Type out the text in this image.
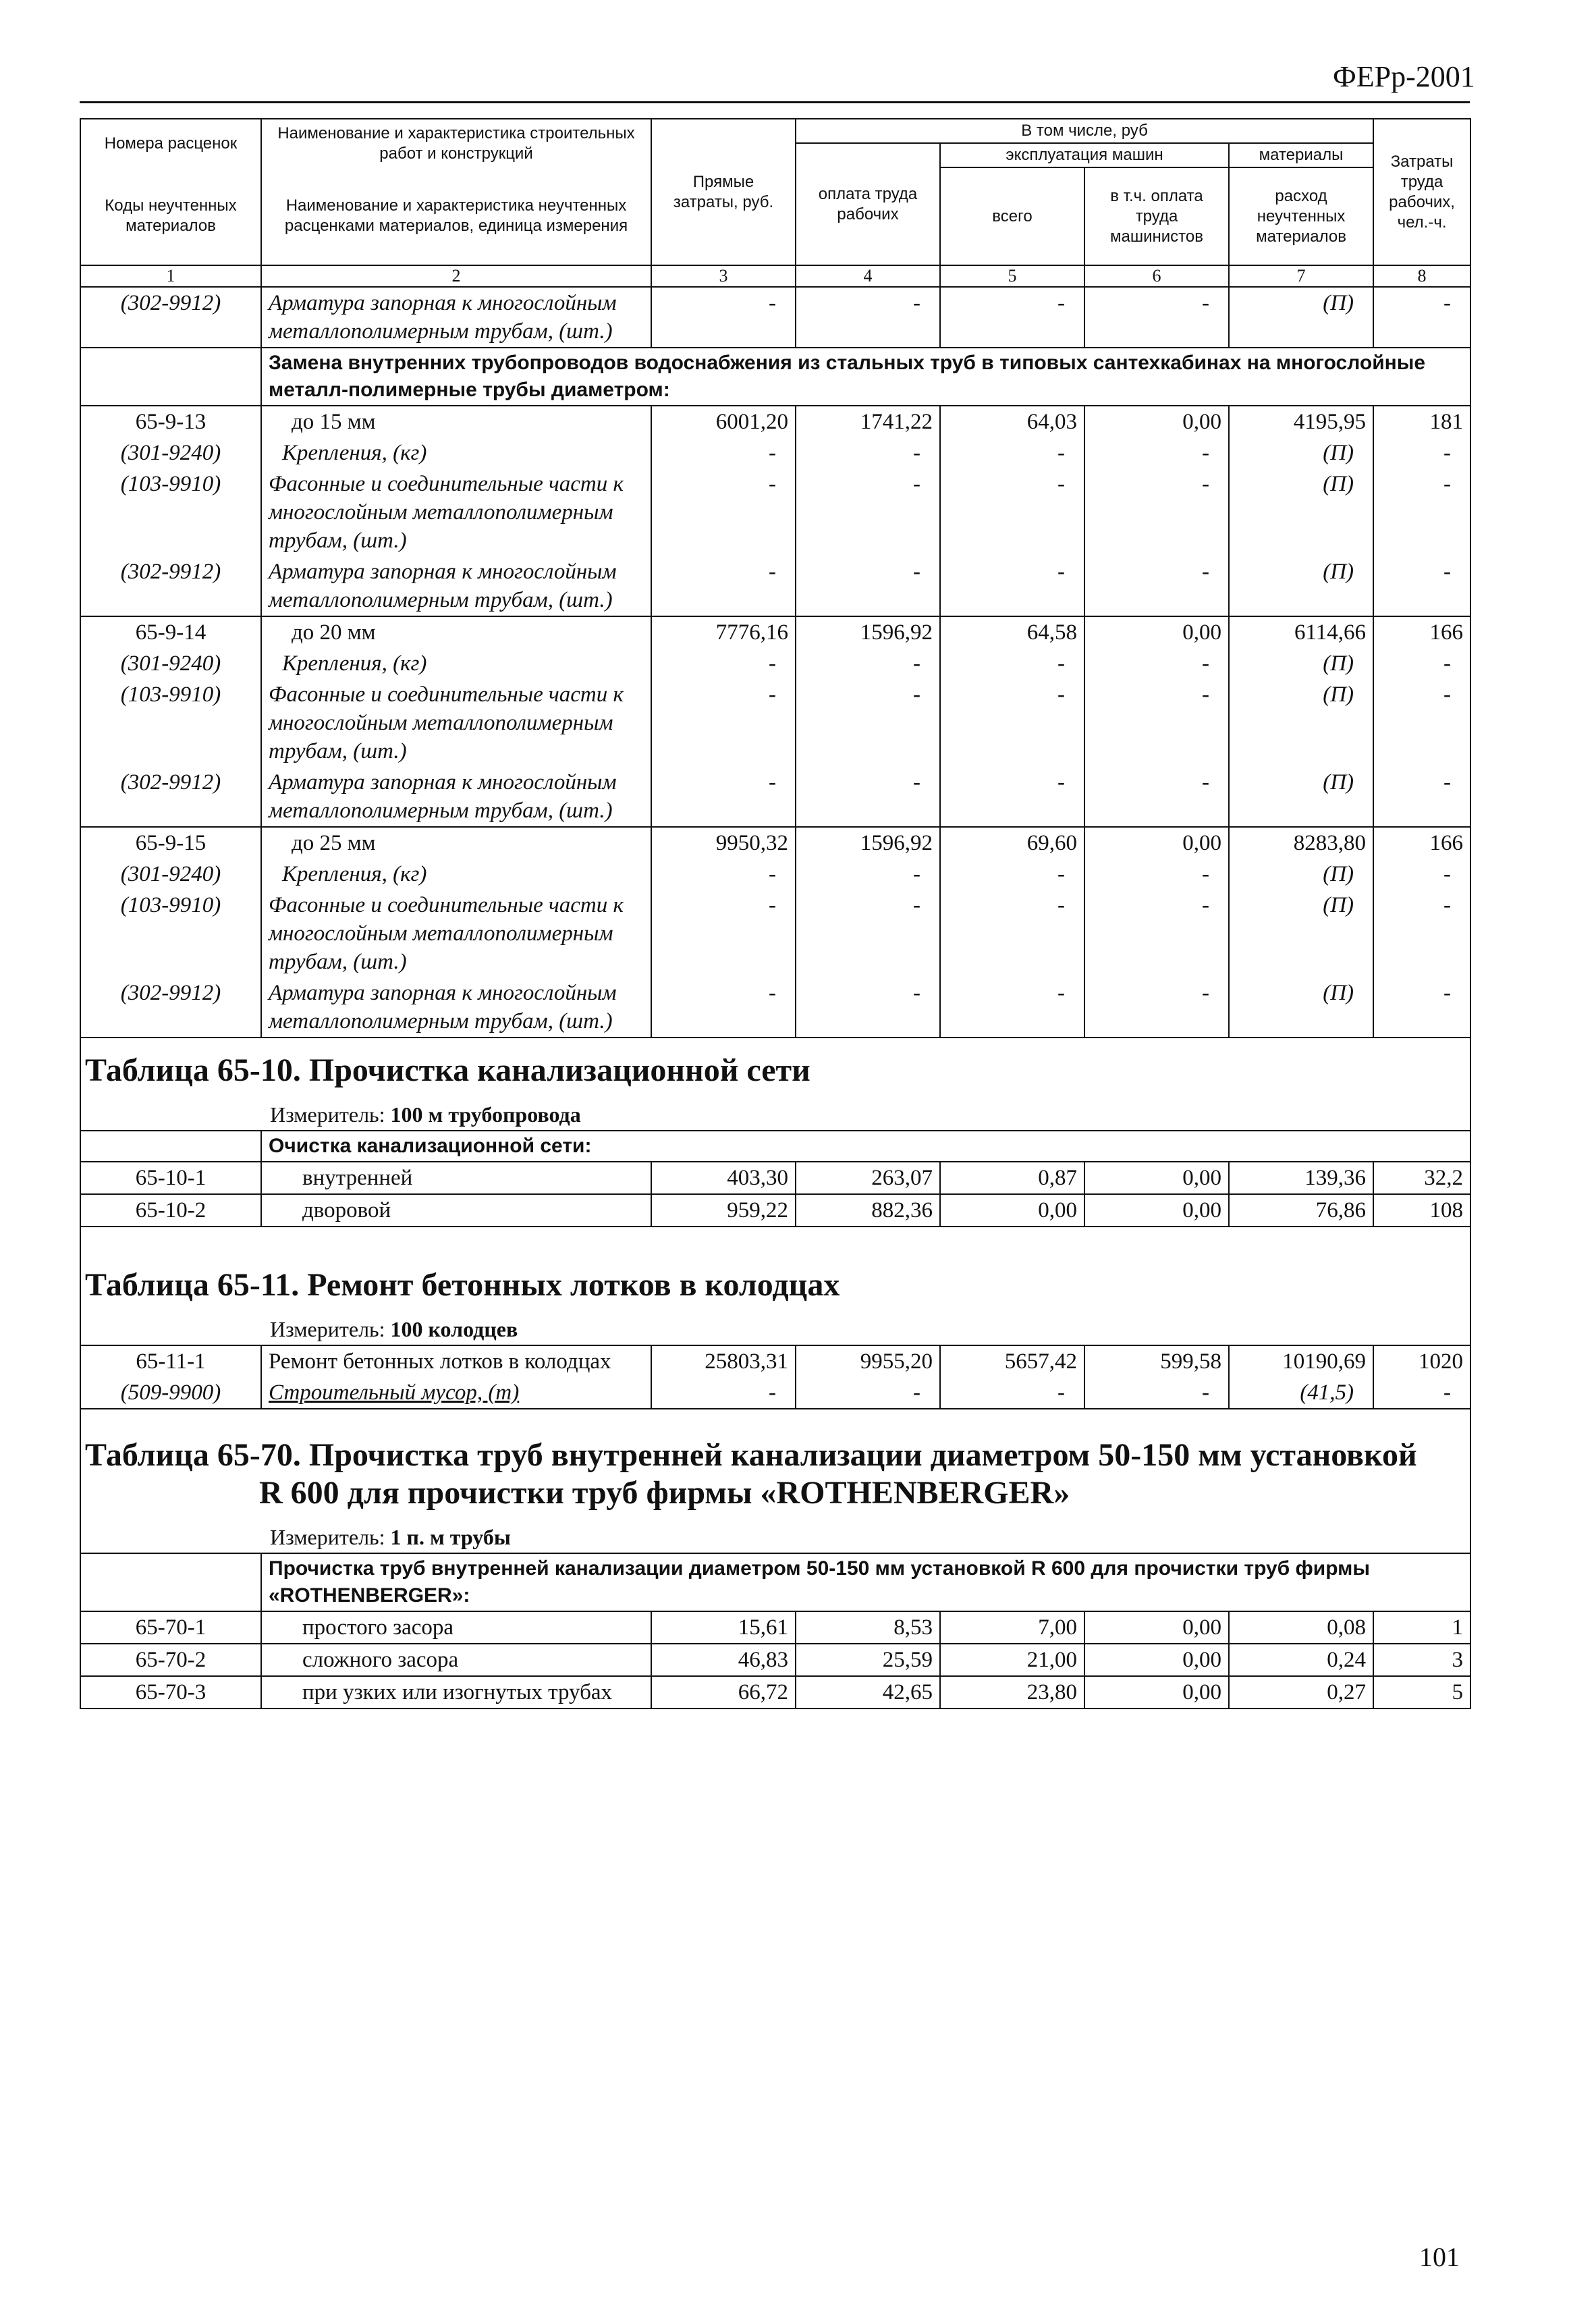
ФЕРр-2001
Номера расценок	Наименование и характеристика строительных работ и конструкций	Прямые затраты, руб.	В том числе, руб				Затраты труда рабочих, чел.-ч.
			оплата труда рабочих	эксплуатация машин		материалы	
Коды неучтенных материалов	Наименование и характеристика неучтенных расценками материалов, единица измерения			всего	в т.ч. оплата труда машинистов	расход неучтенных материалов	

1	2	3	4	5	6	7	8
(302-9912)	Арматура запорная к многослойным металлополимерным трубам, (шт.)	-	-	-	-	(П)	-
	Замена внутренних трубопроводов водоснабжения из стальных труб в типовых сантехкабинах на многослойные металл-полимерные трубы диаметром:						
65-9-13	до 15 мм	6001,20	1741,22	64,03	0,00	4195,95	181
(301-9240)	Крепления, (кг)	-	-	-	-	(П)	-
(103-9910)	Фасонные и соединительные части к многослойным металлополимерным трубам, (шт.)	-	-	-	-	(П)	-
(302-9912)	Арматура запорная к многослойным металлополимерным трубам, (шт.)	-	-	-	-	(П)	-
65-9-14	до 20 мм	7776,16	1596,92	64,58	0,00	6114,66	166
(301-9240)	Крепления, (кг)	-	-	-	-	(П)	-
(103-9910)	Фасонные и соединительные части к многослойным металлополимерным трубам, (шт.)	-	-	-	-	(П)	-
(302-9912)	Арматура запорная к многослойным металлополимерным трубам, (шт.)	-	-	-	-	(П)	-
65-9-15	до 25 мм	9950,32	1596,92	69,60	0,00	8283,80	166
(301-9240)	Крепления, (кг)	-	-	-	-	(П)	-
(103-9910)	Фасонные и соединительные части к многослойным металлополимерным трубам, (шт.)	-	-	-	-	(П)	-
(302-9912)	Арматура запорная к многослойным металлополимерным трубам, (шт.)	-	-	-	-	(П)	-
Таблица 65-10. Прочистка канализационной сети							
Измеритель: 100 м трубопровода							
	Очистка канализационной сети:						
65-10-1	внутренней	403,30	263,07	0,87	0,00	139,36	32,2
65-10-2	дворовой	959,22	882,36	0,00	0,00	76,86	108
Таблица 65-11. Ремонт бетонных лотков в колодцах							
Измеритель: 100 колодцев							
65-11-1	Ремонт бетонных лотков в колодцах	25803,31	9955,20	5657,42	599,58	10190,69	1020
(509-9900)	Строительный мусор, (т)	-	-	-	-	(41,5)	-

Таблица 65-70. Прочистка труб внутренней канализации диаметром 50-150 мм установкой
R 600 для прочистки труб фирмы «ROTHENBERGER»							

Измеритель: 1 п. м трубы							
	Прочистка труб внутренней канализации диаметром 50-150 мм установкой R 600 для прочистки труб фирмы «ROTHENBERGER»:						
65-70-1	простого засора	15,61	8,53	7,00	0,00	0,08	1
65-70-2	сложного засора	46,83	25,59	21,00	0,00	0,24	3
65-70-3	при узких или изогнутых трубах	66,72	42,65	23,80	0,00	0,27	5
101
